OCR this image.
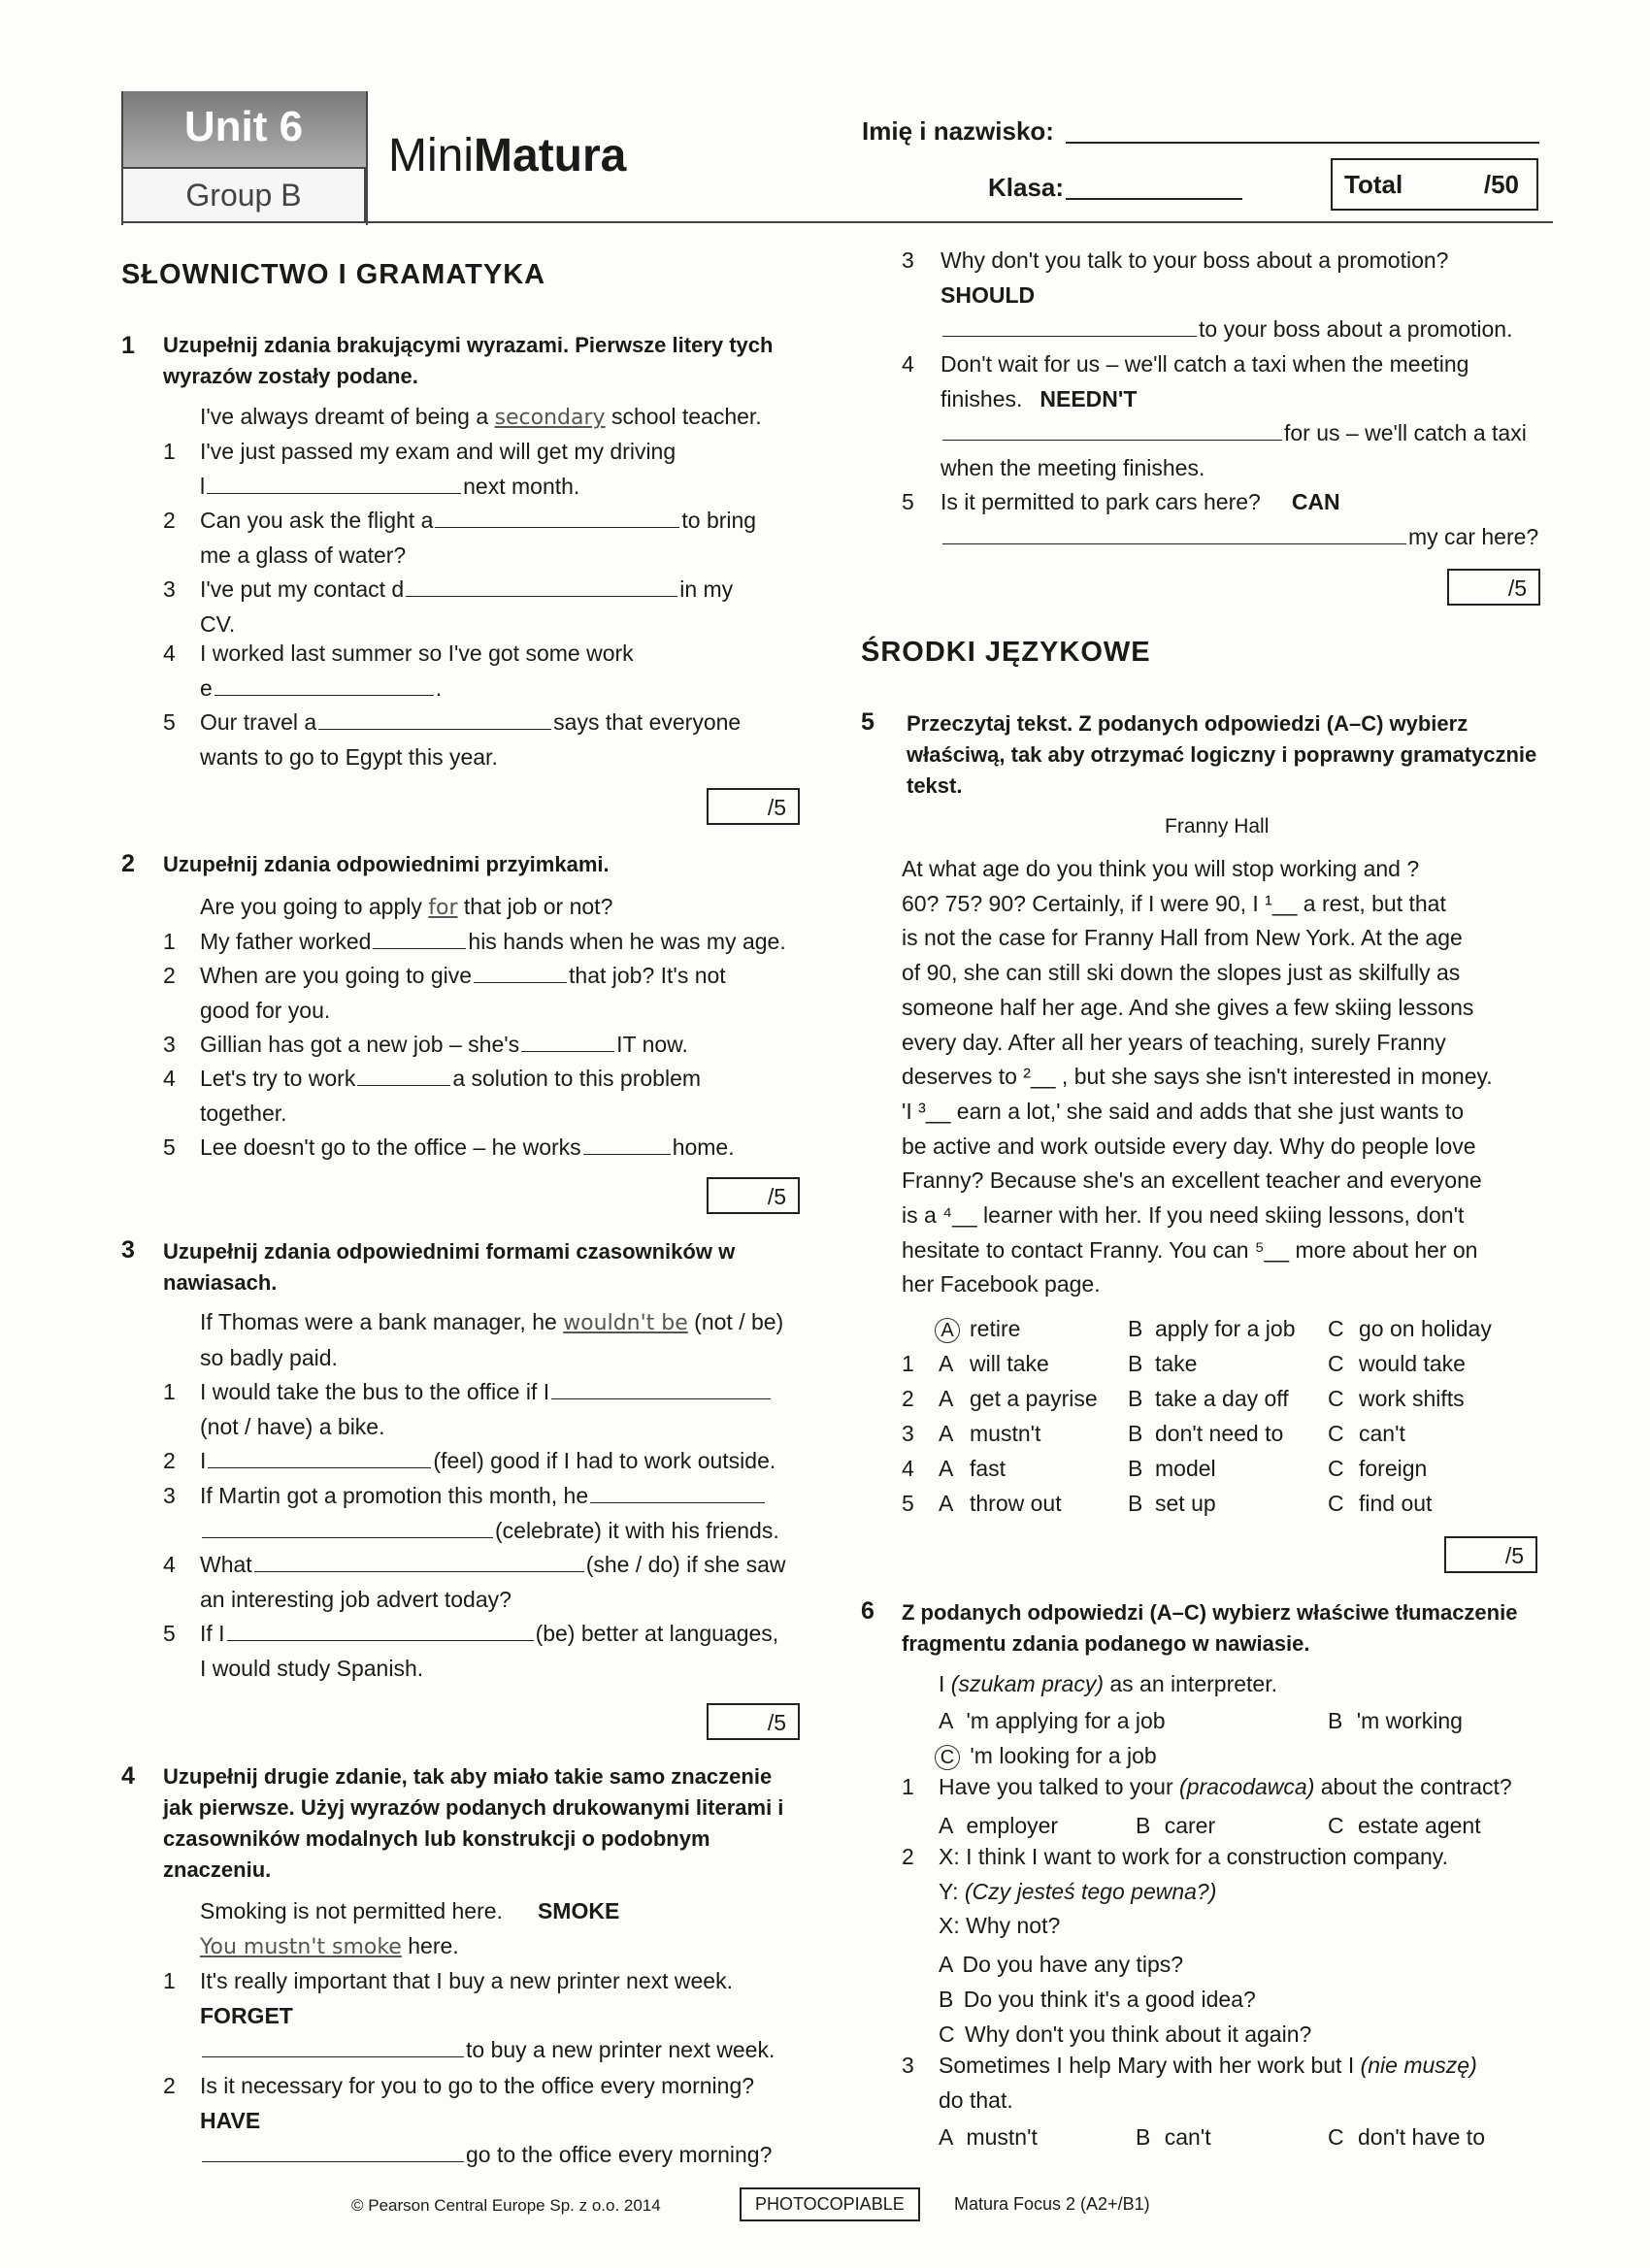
Unit 6
Group B
MiniMatura	Imię i nazwisko:
Klasa:	Total	/50
SŁOWNICTWO I GRAMATYKA
1 Uzupełnij zdania brakującymi wyrazami. Pierwsze litery tych wyrazów zostały podane.
I've always dreamt of being a secondary school teacher.
1	I've just passed my exam and will get my driving
l	next month.
2	Can you ask the flight a	to bring
me a glass of water?
3	I've put my contact d	in my
CV.
4	I worked last summer so I've got some work
e	.
5	Our travel a	says that everyone
wants to go to Egypt this year.
/5
2 Uzupełnij zdania odpowiednimi przyimkami.
Are you going to apply for that job or not?
1	My father worked	his hands when he was my age.
2	When are you going to give	that job? It's not
good for you.
3	Gillian has got a new job – she's	IT now.
4	Let's try to work	a solution to this problem
together.
5	Lee doesn't go to the office – he works	home.
/5
3 Uzupełnij zdania odpowiednimi formami czasowników w nawiasach.
If Thomas were a bank manager, he wouldn't be (not / be)
so badly paid.
1	I would take the bus to the office if I
(not / have) a bike.
2	I	(feel) good if I had to work outside.
3	If Martin got a promotion this month, he
(celebrate) it with his friends.
4	What	(she / do) if she saw
an interesting job advert today?
5	If I	(be) better at languages,
I would study Spanish.
/5
4 Uzupełnij drugie zdanie, tak aby miało takie samo znaczenie jak pierwsze. Użyj wyrazów podanych drukowanymi literami i czasowników modalnych lub konstrukcji o podobnym znaczeniu.
Smoking is not permitted here. SMOKE
You mustn't smoke here.
1	It's really important that I buy a new printer next week.
FORGET
to buy a new printer next week.
2	Is it necessary for you to go to the office every morning?
HAVE
go to the office every morning?
3	Why don't you talk to your boss about a promotion?
SHOULD
to your boss about a promotion.
4	Don't wait for us – we'll catch a taxi when the meeting
finishes. NEEDN'T
for us – we'll catch a taxi
when the meeting finishes.
5	Is it permitted to park cars here? CAN
my car here?
/5
ŚRODKI JĘZYKOWE
5 Przeczytaj tekst. Z podanych odpowiedzi (A–C) wybierz właściwą, tak aby otrzymać logiczny i poprawny gramatycznie tekst.
Franny Hall
At what age do you think you will stop working and ?
60? 75? 90? Certainly, if I were 90, I ¹__ a rest, but that
is not the case for Franny Hall from New York. At the age
of 90, she can still ski down the slopes just as skilfully as
someone half her age. And she gives a few skiing lessons
every day. After all her years of teaching, surely Franny
deserves to ²__ , but she says she isn't interested in money.
'I ³__ earn a lot,' she said and adds that she just wants to
be active and work outside every day. Why do people love
Franny? Because she's an excellent teacher and everyone
is a ⁴__ learner with her. If you need skiing lessons, don't
hesitate to contact Franny. You can ⁵__ more about her on
her Facebook page.
A retire	B apply for a job C go on holiday
1 A will take	B take	C would take
2 A get a payrise B take a day off C work shifts
3 A mustn't	B don't need to C can't
4 A fast	B model	C foreign
5 A throw out	B set up	C find out
/5
6 Z podanych odpowiedzi (A–C) wybierz właściwe tłumaczenie fragmentu zdania podanego w nawiasie.
I (szukam pracy) as an interpreter.
A 'm applying for a job	B 'm working
C 'm looking for a job
1	Have you talked to your (pracodawca) about the contract?
A employer	B carer	C estate agent
2	X: I think I want to work for a construction company.
Y: (Czy jesteś tego pewna?)
X: Why not?
A Do you have any tips?
B Do you think it's a good idea?
C Why don't you think about it again?
3	Sometimes I help Mary with her work but I (nie muszę)
do that.
A mustn't	B can't	C don't have to
© Pearson Central Europe Sp. z o.o. 2014	PHOTOCOPIABLE	Matura Focus 2 (A2+/B1)
